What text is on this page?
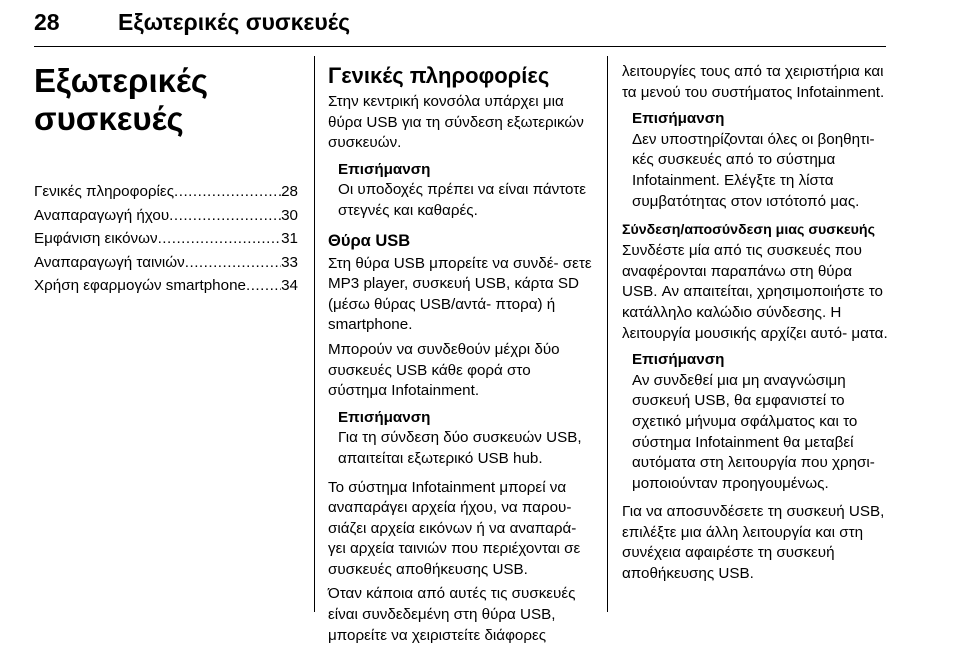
28	Εξωτερικές συσκευές
Εξωτερικές
συσκευές
Γενικές πληροφορίες .....	28
Αναπαραγωγή ήχου .....	30
Εμφάνιση εικόνων .....	31
Αναπαραγωγή ταινιών .....	33
Χρήση εφαρμογών smartphone ..... 34
Γενικές πληροφορίες

Στην κεντρική κονσόλα υπάρχει μια θύρα USB για τη σύνδεση εξωτερικών συσκευών.

Επισήμανση

Οι υποδοχές πρέπει να είναι πάντοτε στεγνές και καθαρές.

Θύρα USB

Στη θύρα USB μπορείτε να συνδέ- σετε MP3 player, συσκευή USB, κάρτα SD (μέσω θύρας USB/αντά- πτορα) ή smartphone.

Μπορούν να συνδεθούν μέχρι δύο συσκευές USB κάθε φορά στο σύστημα Infotainment.

Επισήμανση

Για τη σύνδεση δύο συσκευών USB, απαιτείται εξωτερικό USB hub.

Το σύστημα Infotainment μπορεί να αναπαράγει αρχεία ήχου, να παρου- σιάζει αρχεία εικόνων ή να αναπαρά- γει αρχεία ταινιών που περιέχονται σε συσκευές αποθήκευσης USB.

Όταν κάποια από αυτές τις συσκευές είναι συνδεδεμένη στη θύρα USB, μπορείτε να χειριστείτε διάφορες

λειτουργίες τους από τα χειριστήρια και τα μενού του συστήματος Infotainment.

Επισήμανση

Δεν υποστηρίζονται όλες οι βοηθητι- κές συσκευές από το σύστημα Infotainment. Ελέγξτε τη λίστα συμβατότητας στον ιστότοπό μας.

Σύνδεση/αποσύνδεση μιας συσκευής

Συνδέστε μία από τις συσκευές που αναφέρονται παραπάνω στη θύρα USB. Αν απαιτείται, χρησιμοποιήστε το κατάλληλο καλώδιο σύνδεσης. Η λειτουργία μουσικής αρχίζει αυτό- ματα.

Επισήμανση

Αν συνδεθεί μια μη αναγνώσιμη συσκευή USB, θα εμφανιστεί το σχετικό μήνυμα σφάλματος και το σύστημα Infotainment θα μεταβεί αυτόματα στη λειτουργία που χρησι- μοποιούνταν προηγουμένως.

Για να αποσυνδέσετε τη συσκευή USB, επιλέξτε μια άλλη λειτουργία και στη συνέχεια αφαιρέστε τη συσκευή αποθήκευσης USB.
